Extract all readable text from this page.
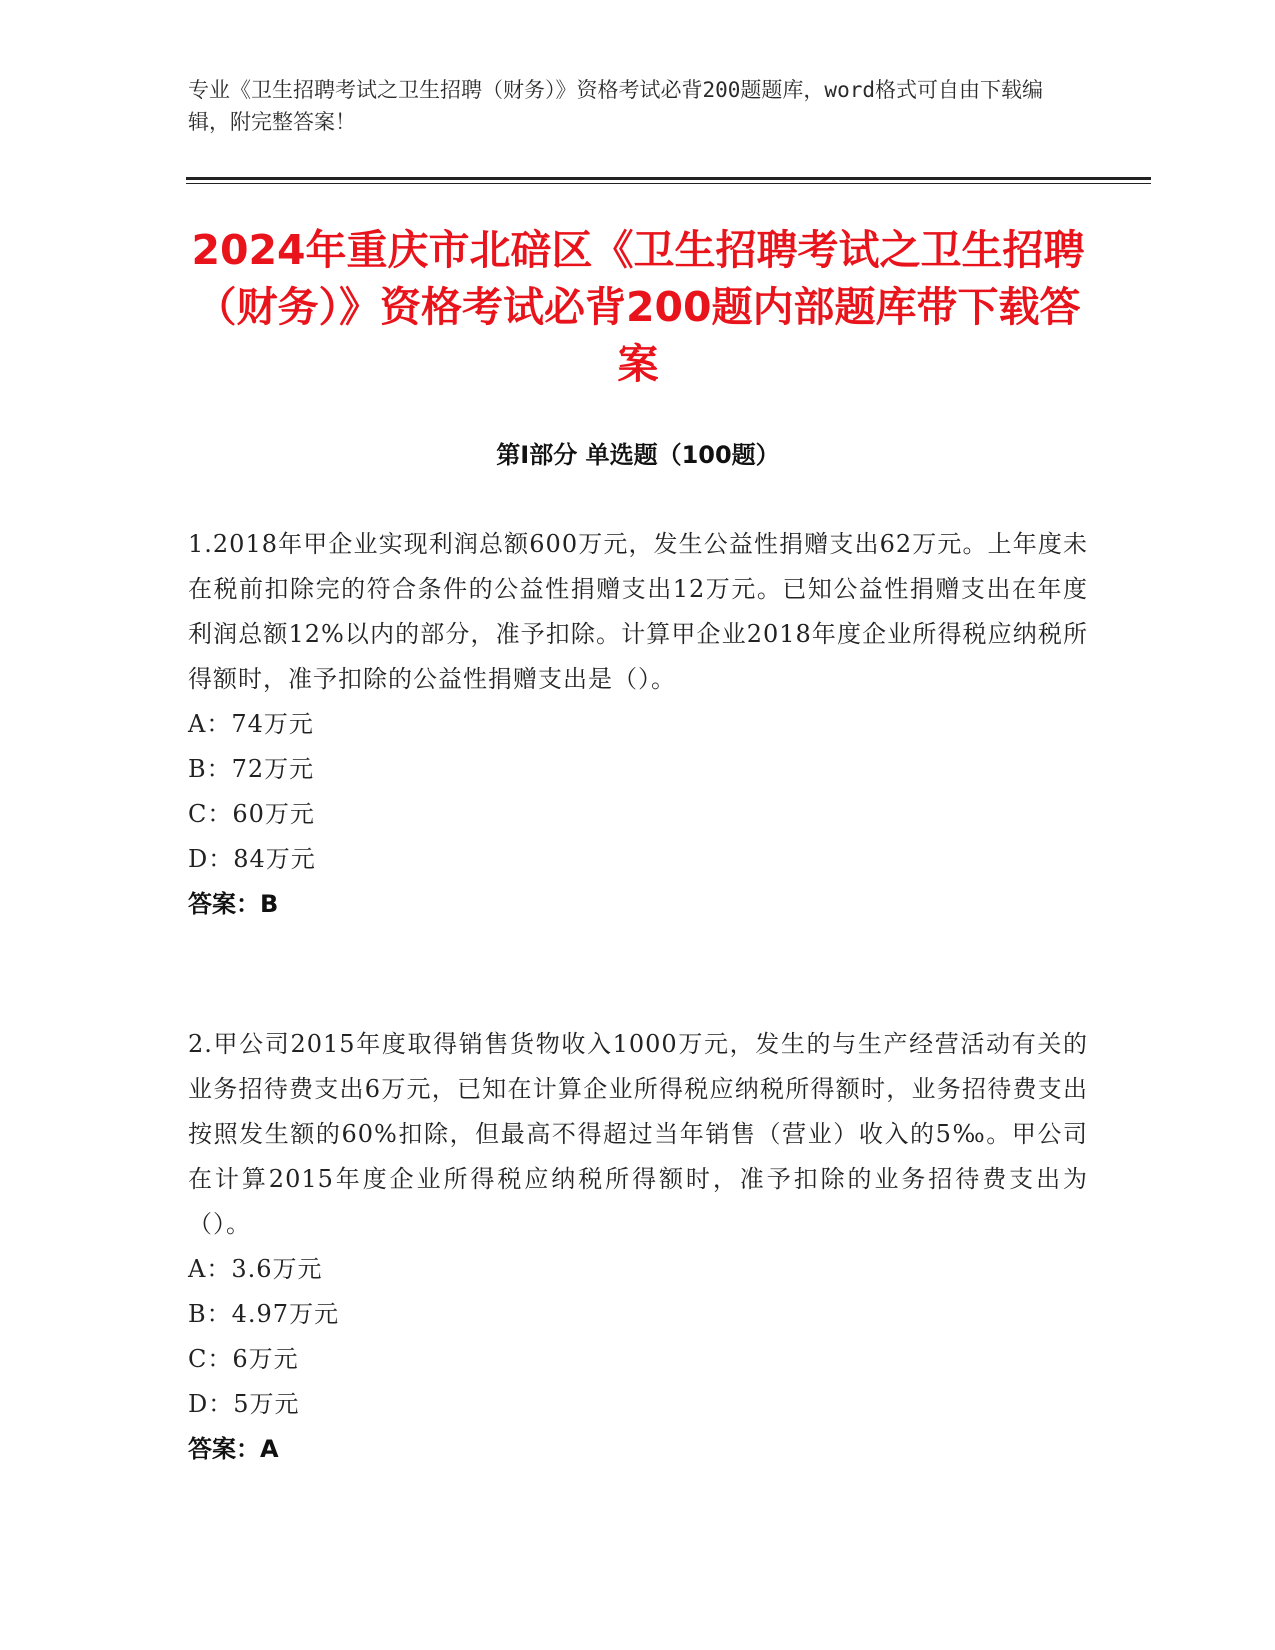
专业《卫生招聘考试之卫生招聘（财务）》资格考试必背200题题库，word格式可自由下载编辑，附完整答案！
2024年重庆市北碚区《卫生招聘考试之卫生招聘（财务）》资格考试必背200题内部题库带下载答案
第Ⅰ部分 单选题（100题）

1.2018年甲企业实现利润总额600万元，发生公益性捐赠支出62万元。上年度未在税前扣除完的符合条件的公益性捐赠支出12万元。已知公益性捐赠支出在年度利润总额12%以内的部分，准予扣除。计算甲企业2018年度企业所得税应纳税所得额时，准予扣除的公益性捐赠支出是（）。

A：74万元
B：72万元
C：60万元
D：84万元
答案：B

2.甲公司2015年度取得销售货物收入1000万元，发生的与生产经营活动有关的业务招待费支出6万元，已知在计算企业所得税应纳税所得额时，业务招待费支出按照发生额的60%扣除，但最高不得超过当年销售（营业）收入的5‰。甲公司在计算2015年度企业所得税应纳税所得额时，准予扣除的业务招待费支出为（）。

A：3.6万元
B：4.97万元
C：6万元
D：5万元
答案：A
